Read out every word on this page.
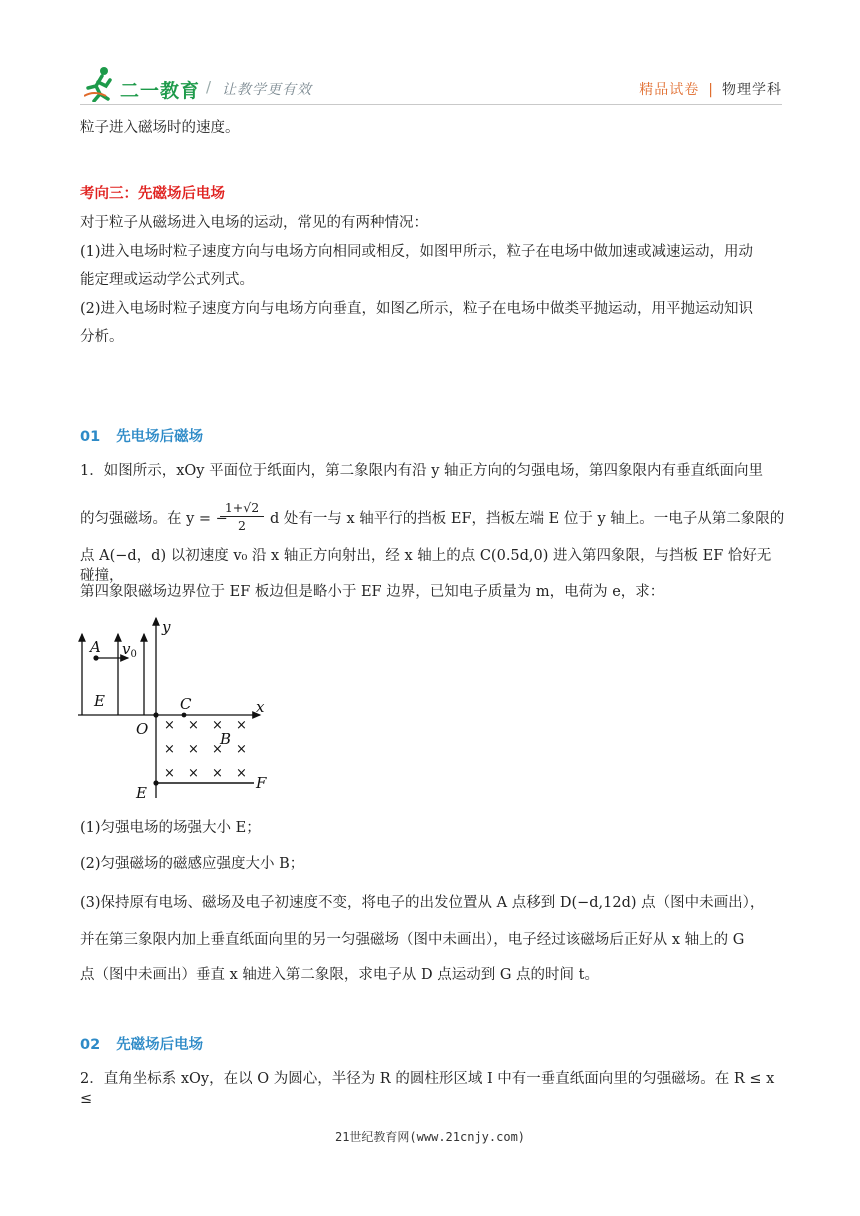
二一教育 / 让教学更有效	精品试卷 | 物理学科
粒子进入磁场时的速度。
考向三：先磁场后电场
对于粒子从磁场进入电场的运动，常见的有两种情况：
(1)进入电场时粒子速度方向与电场方向相同或相反，如图甲所示，粒子在电场中做加速或减速运动，用动
能定理或运动学公式列式。
(2)进入电场时粒子速度方向与电场方向垂直，如图乙所示，粒子在电场中做类平抛运动，用平抛运动知识
分析。
01 先电场后磁场
1．如图所示，xOy 平面位于纸面内，第二象限内有沿 y 轴正方向的匀强电场，第四象限内有垂直纸面向里
的匀强磁场。在 y = −
$\frac{1+√2}{2}$ d 处有一与 x 轴平行的挡板 EF，挡板左端 E 位于 y 轴上。一电子从第二象限的
点 A(−d，d) 以初速度 v₀ 沿 x 轴正方向射出，经 x 轴上的点 C(0.5d,0) 进入第四象限，与挡板 EF 恰好无碰撞，
第四象限磁场边界位于 EF 板边但是略小于 EF 边界，已知电子质量为 m，电荷为 e，求：
y
x
A $v_0$
E
O
C
B
E
F
× × × ×
× × × ×
× × × ×
(1)匀强电场的场强大小 E；
(2)匀强磁场的磁感应强度大小 B；
(3)保持原有电场、磁场及电子初速度不变，将电子的出发位置从 A 点移到 D(−d,12d) 点（图中未画出），
并在第三象限内加上垂直纸面向里的另一匀强磁场（图中未画出），电子经过该磁场后正好从 x 轴上的 G
点（图中未画出）垂直 x 轴进入第二象限，求电子从 D 点运动到 G 点的时间 t。
02 先磁场后电场
2．直角坐标系 xOy，在以 O 为圆心，半径为 R 的圆柱形区域 I 中有一垂直纸面向里的匀强磁场。在 R ≤ x ≤
21世纪教育网(www.21cnjy.com)
